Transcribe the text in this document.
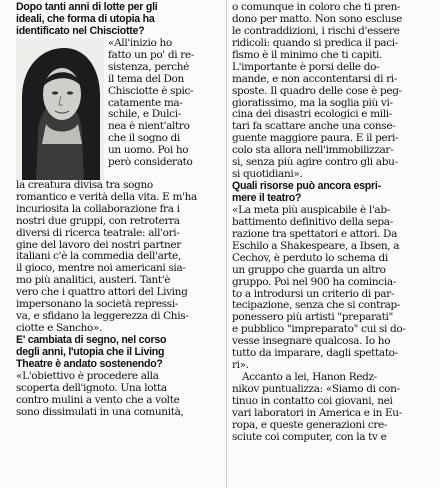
Dopo tanti anni di lotte per gli
ideali, che forma di utopia ha
identificato nel Chisciotte?
«All'inizio ho
fatto un po' di re-
sistenza, perché
il tema del Don
Chisciotte è spic-
catamente ma-
schile, e Dulci-
nea è nient'altro
che il sogno di
un uomo. Poi ho
però considerato
la creatura divisa tra sogno
romantico e verità della vita. E m'ha
incuriosita la collaborazione fra i
nostri due gruppi, con retroterra
diversi di ricerca teatrale: all'ori-
gine del lavoro dei nostri partner
italiani c'è la commedia dell'arte,
il gioco, mentre noi americani sia-
mo più analitici, austeri. Tant'è
vero che i quattro attori del Living
impersonano la società repressi-
va, e sfidano la leggerezza di Chis-
ciotte e Sancho».
E' cambiata di segno, nel corso
degli anni, l'utopia che il Living
Theatre è andato sostenendo?
«L'obiettivo è procedere alla
scoperta dell'ignoto. Una lotta
contro mulini a vento che a volte
sono dissimulati in una comunità,
o comunque in coloro che ti pren-
dono per matto. Non sono escluse
le contraddizioni, i rischi d'essere
ridicoli: quando si predica il paci-
fismo è il minimo che ti capiti.
L'importante è porsi delle do-
mande, e non accontentarsi di ri-
sposte. Il quadro delle cose è peg-
gioratissimo, ma la soglia più vi-
cina dei disastri ecologici e mili-
tari fa scattare anche una conse-
guente maggiore paura. E il peri-
colo sta allora nell'immobilizzar-
si, senza più agire contro gli abu-
si quotidiani».
Quali risorse può ancora espri-
mere il teatro?
«La meta più auspicabile è l'ab-
battimento definitivo della sepa-
razione tra spettatori e attori. Da
Eschilo a Shakespeare, a Ibsen, a
Cechov, è perduto lo schema di
un gruppo che guarda un altro
gruppo. Poi nel 900 ha comincia-
to a introdursi un criterio di par-
tecipazione, senza che si contrap-
ponessero più artisti "preparati"
e pubblico "impreparato" cui si do-
vesse insegnare qualcosa. Io ho
tutto da imparare, dagli spettato-
ri».
Accanto a lei, Hanon Redz-
nikov puntualizza: «Siamo di con-
tinuo in contatto coi giovani, nei
vari laboratori in America e in Eu-
ropa, e queste generazioni cre-
sciute coi computer, con la tv e
